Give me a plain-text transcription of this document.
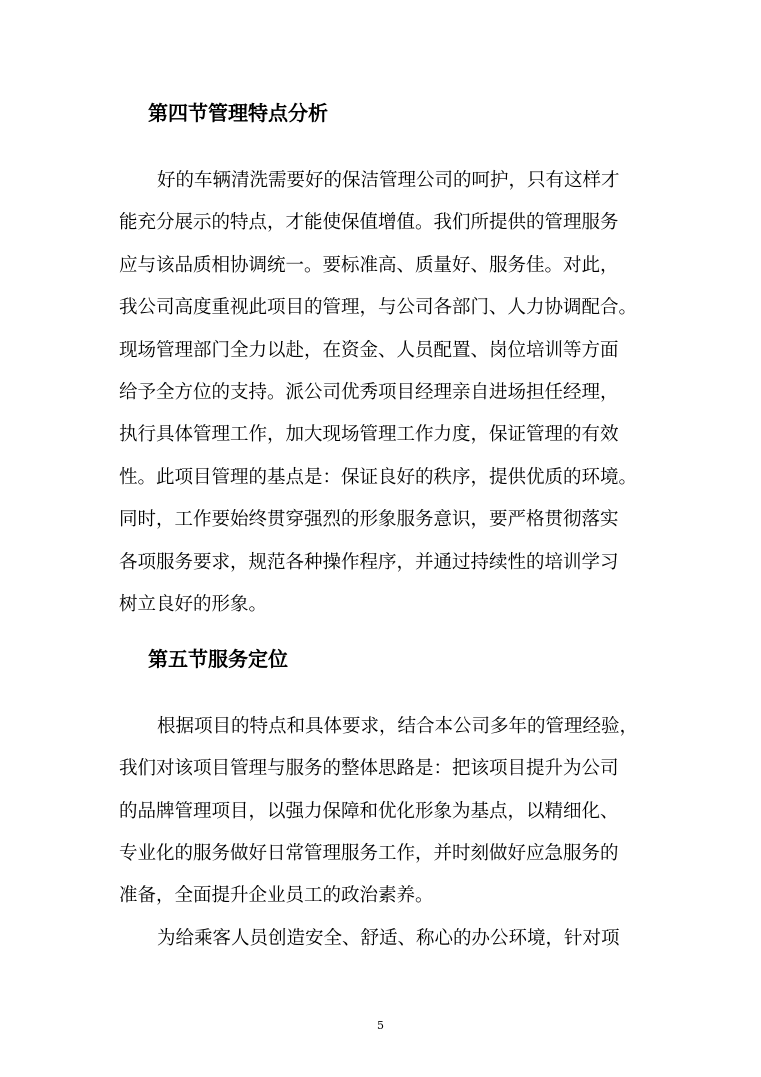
第四节管理特点分析
好的车辆清洗需要好的保洁管理公司的呵护，只有这样才
能充分展示的特点，才能使保值增值。我们所提供的管理服务
应与该品质相协调统一。要标准高、质量好、服务佳。对此，
我公司高度重视此项目的管理，与公司各部门、人力协调配合。
现场管理部门全力以赴，在资金、人员配置、岗位培训等方面
给予全方位的支持。派公司优秀项目经理亲自进场担任经理，
执行具体管理工作，加大现场管理工作力度，保证管理的有效
性。此项目管理的基点是：保证良好的秩序，提供优质的环境。
同时，工作要始终贯穿强烈的形象服务意识，要严格贯彻落实
各项服务要求，规范各种操作程序，并通过持续性的培训学习
树立良好的形象。
第五节服务定位
根据项目的特点和具体要求，结合本公司多年的管理经验，
我们对该项目管理与服务的整体思路是：把该项目提升为公司
的品牌管理项目，以强力保障和优化形象为基点，以精细化、
专业化的服务做好日常管理服务工作，并时刻做好应急服务的
准备，全面提升企业员工的政治素养。
为给乘客人员创造安全、舒适、称心的办公环境，针对项
5
